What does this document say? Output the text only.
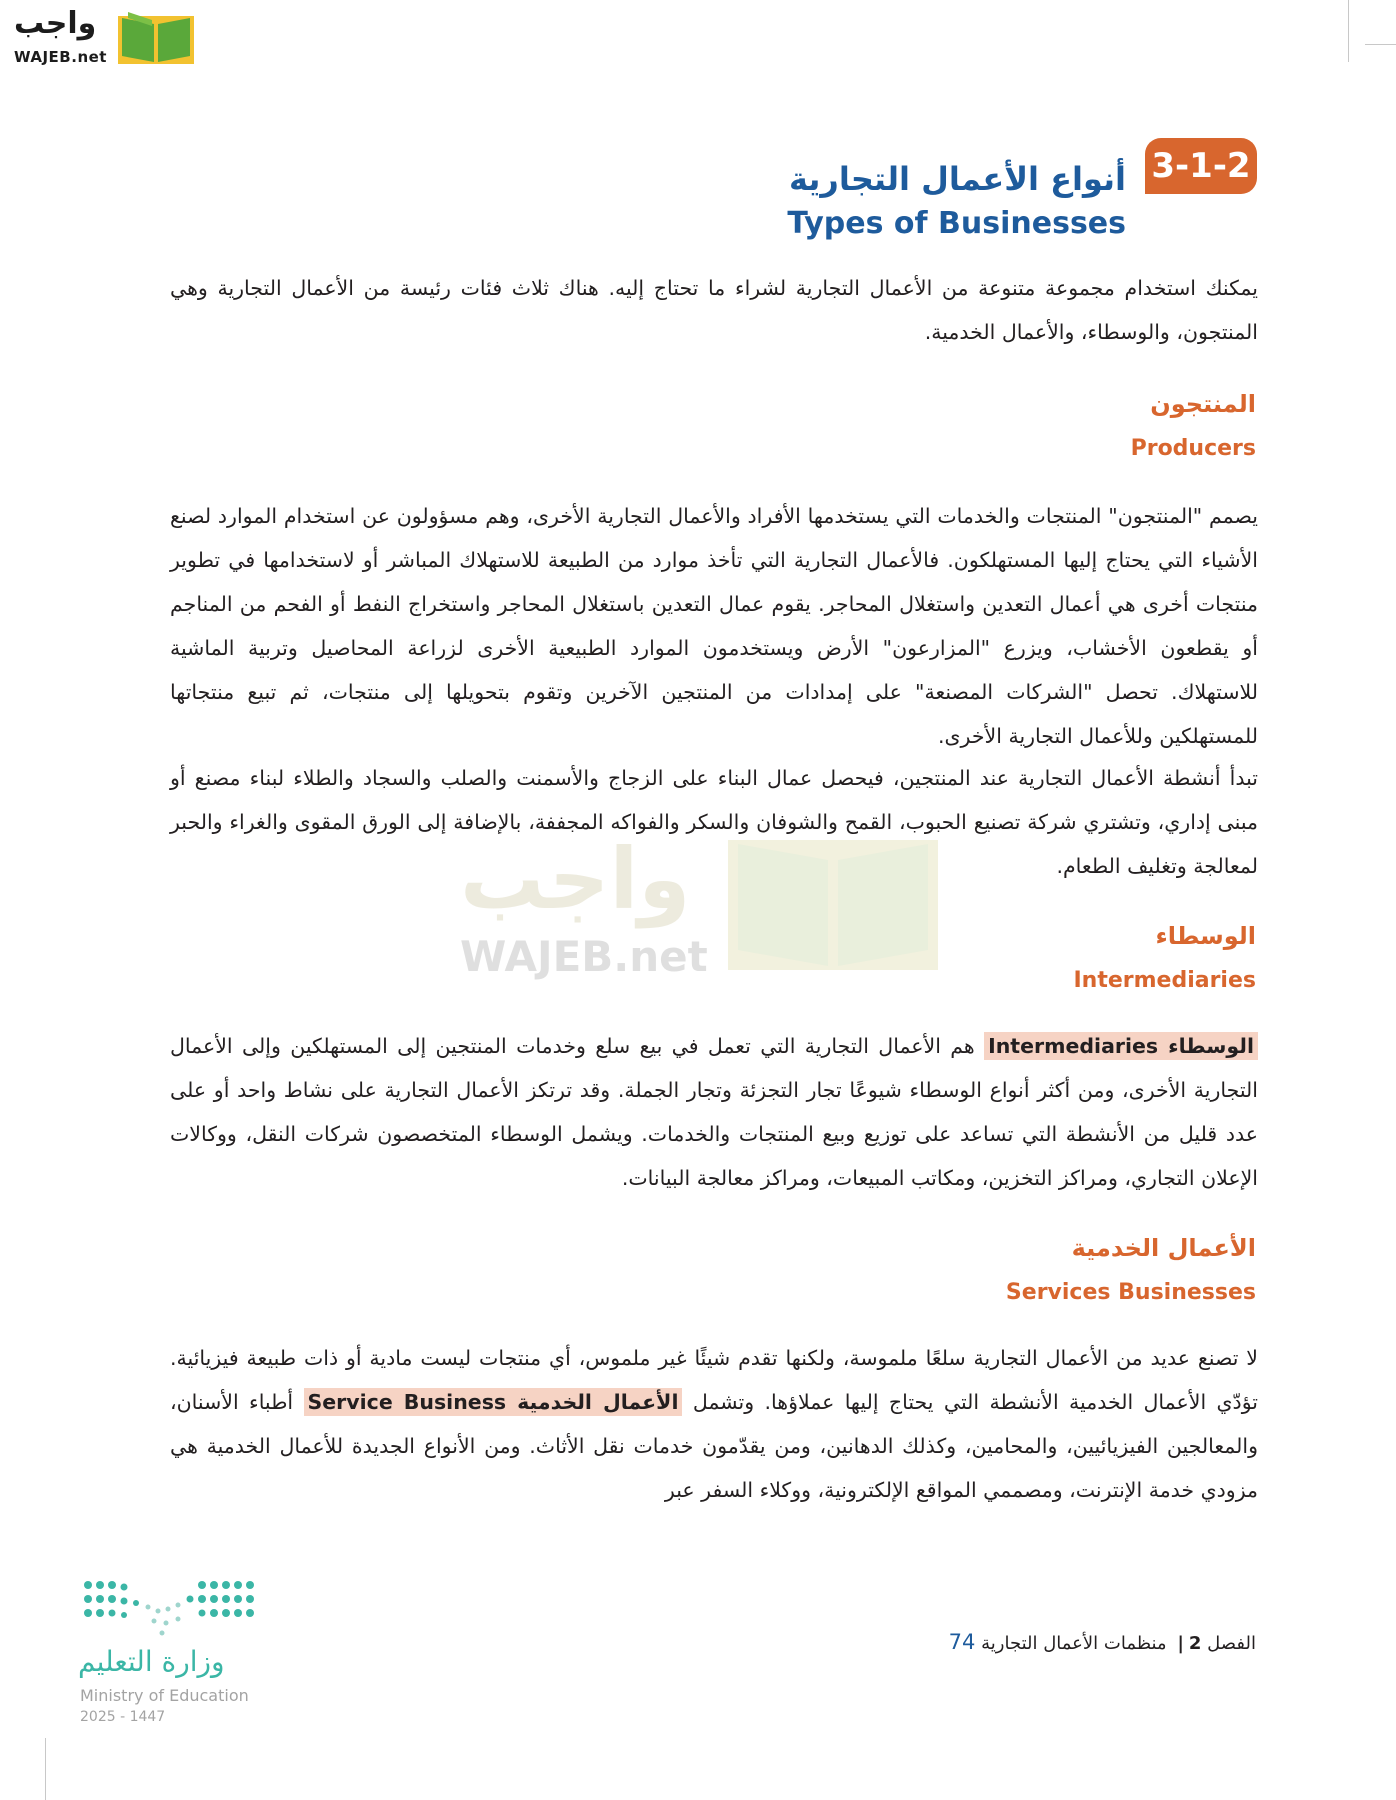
واجب
WAJEB.net
3-1-2
أنواع الأعمال التجارية
Types of Businesses

يمكنك استخدام مجموعة متنوعة من الأعمال التجارية لشراء ما تحتاج إليه. هناك ثلاث فئات رئيسة من الأعمال التجارية وهي المنتجون، والوسطاء، والأعمال الخدمية.

المنتجون
Producers

يصمم "المنتجون" المنتجات والخدمات التي يستخدمها الأفراد والأعمال التجارية الأخرى، وهم مسؤولون عن استخدام الموارد لصنع الأشياء التي يحتاج إليها المستهلكون. فالأعمال التجارية التي تأخذ موارد من الطبيعة للاستهلاك المباشر أو لاستخدامها في تطوير منتجات أخرى هي أعمال التعدين واستغلال المحاجر. يقوم عمال التعدين باستغلال المحاجر واستخراج النفط أو الفحم من المناجم أو يقطعون الأخشاب، ويزرع "المزارعون" الأرض ويستخدمون الموارد الطبيعية الأخرى لزراعة المحاصيل وتربية الماشية للاستهلاك. تحصل "الشركات المصنعة" على إمدادات من المنتجين الآخرين وتقوم بتحويلها إلى منتجات، ثم تبيع منتجاتها للمستهلكين وللأعمال التجارية الأخرى.

تبدأ أنشطة الأعمال التجارية عند المنتجين، فيحصل عمال البناء على الزجاج والأسمنت والصلب والسجاد والطلاء لبناء مصنع أو مبنى إداري، وتشتري شركة تصنيع الحبوب، القمح والشوفان والسكر والفواكه المجففة، بالإضافة إلى الورق المقوى والغراء والحبر لمعالجة وتغليف الطعام.

واجب
WAJEB.net	الوسطاء
Intermediaries

الوسطاء Intermediaries هم الأعمال التجارية التي تعمل في بيع سلع وخدمات المنتجين إلى المستهلكين وإلى الأعمال التجارية الأخرى، ومن أكثر أنواع الوسطاء شيوعًا تجار التجزئة وتجار الجملة. وقد ترتكز الأعمال التجارية على نشاط واحد أو على عدد قليل من الأنشطة التي تساعد على توزيع وبيع المنتجات والخدمات. ويشمل الوسطاء المتخصصون شركات النقل، ووكالات الإعلان التجاري، ومراكز التخزين، ومكاتب المبيعات، ومراكز معالجة البيانات.

الأعمال الخدمية
Services Businesses

لا تصنع عديد من الأعمال التجارية سلعًا ملموسة، ولكنها تقدم شيئًا غير ملموس، أي منتجات ليست مادية أو ذات طبيعة فيزيائية. تؤدّي الأعمال الخدمية الأنشطة التي يحتاج إليها عملاؤها. وتشمل الأعمال الخدمية Service Business أطباء الأسنان، والمعالجين الفيزيائيين، والمحامين، وكذلك الدهانين، ومن يقدّمون خدمات نقل الأثاث. ومن الأنواع الجديدة للأعمال الخدمية هي مزودي خدمة الإنترنت، ومصممي المواقع الإلكترونية، ووكلاء السفر عبر

وزارة التعليم
Ministry of Education
2025 - 1447
الفصل 2| منظمات الأعمال التجارية 74
